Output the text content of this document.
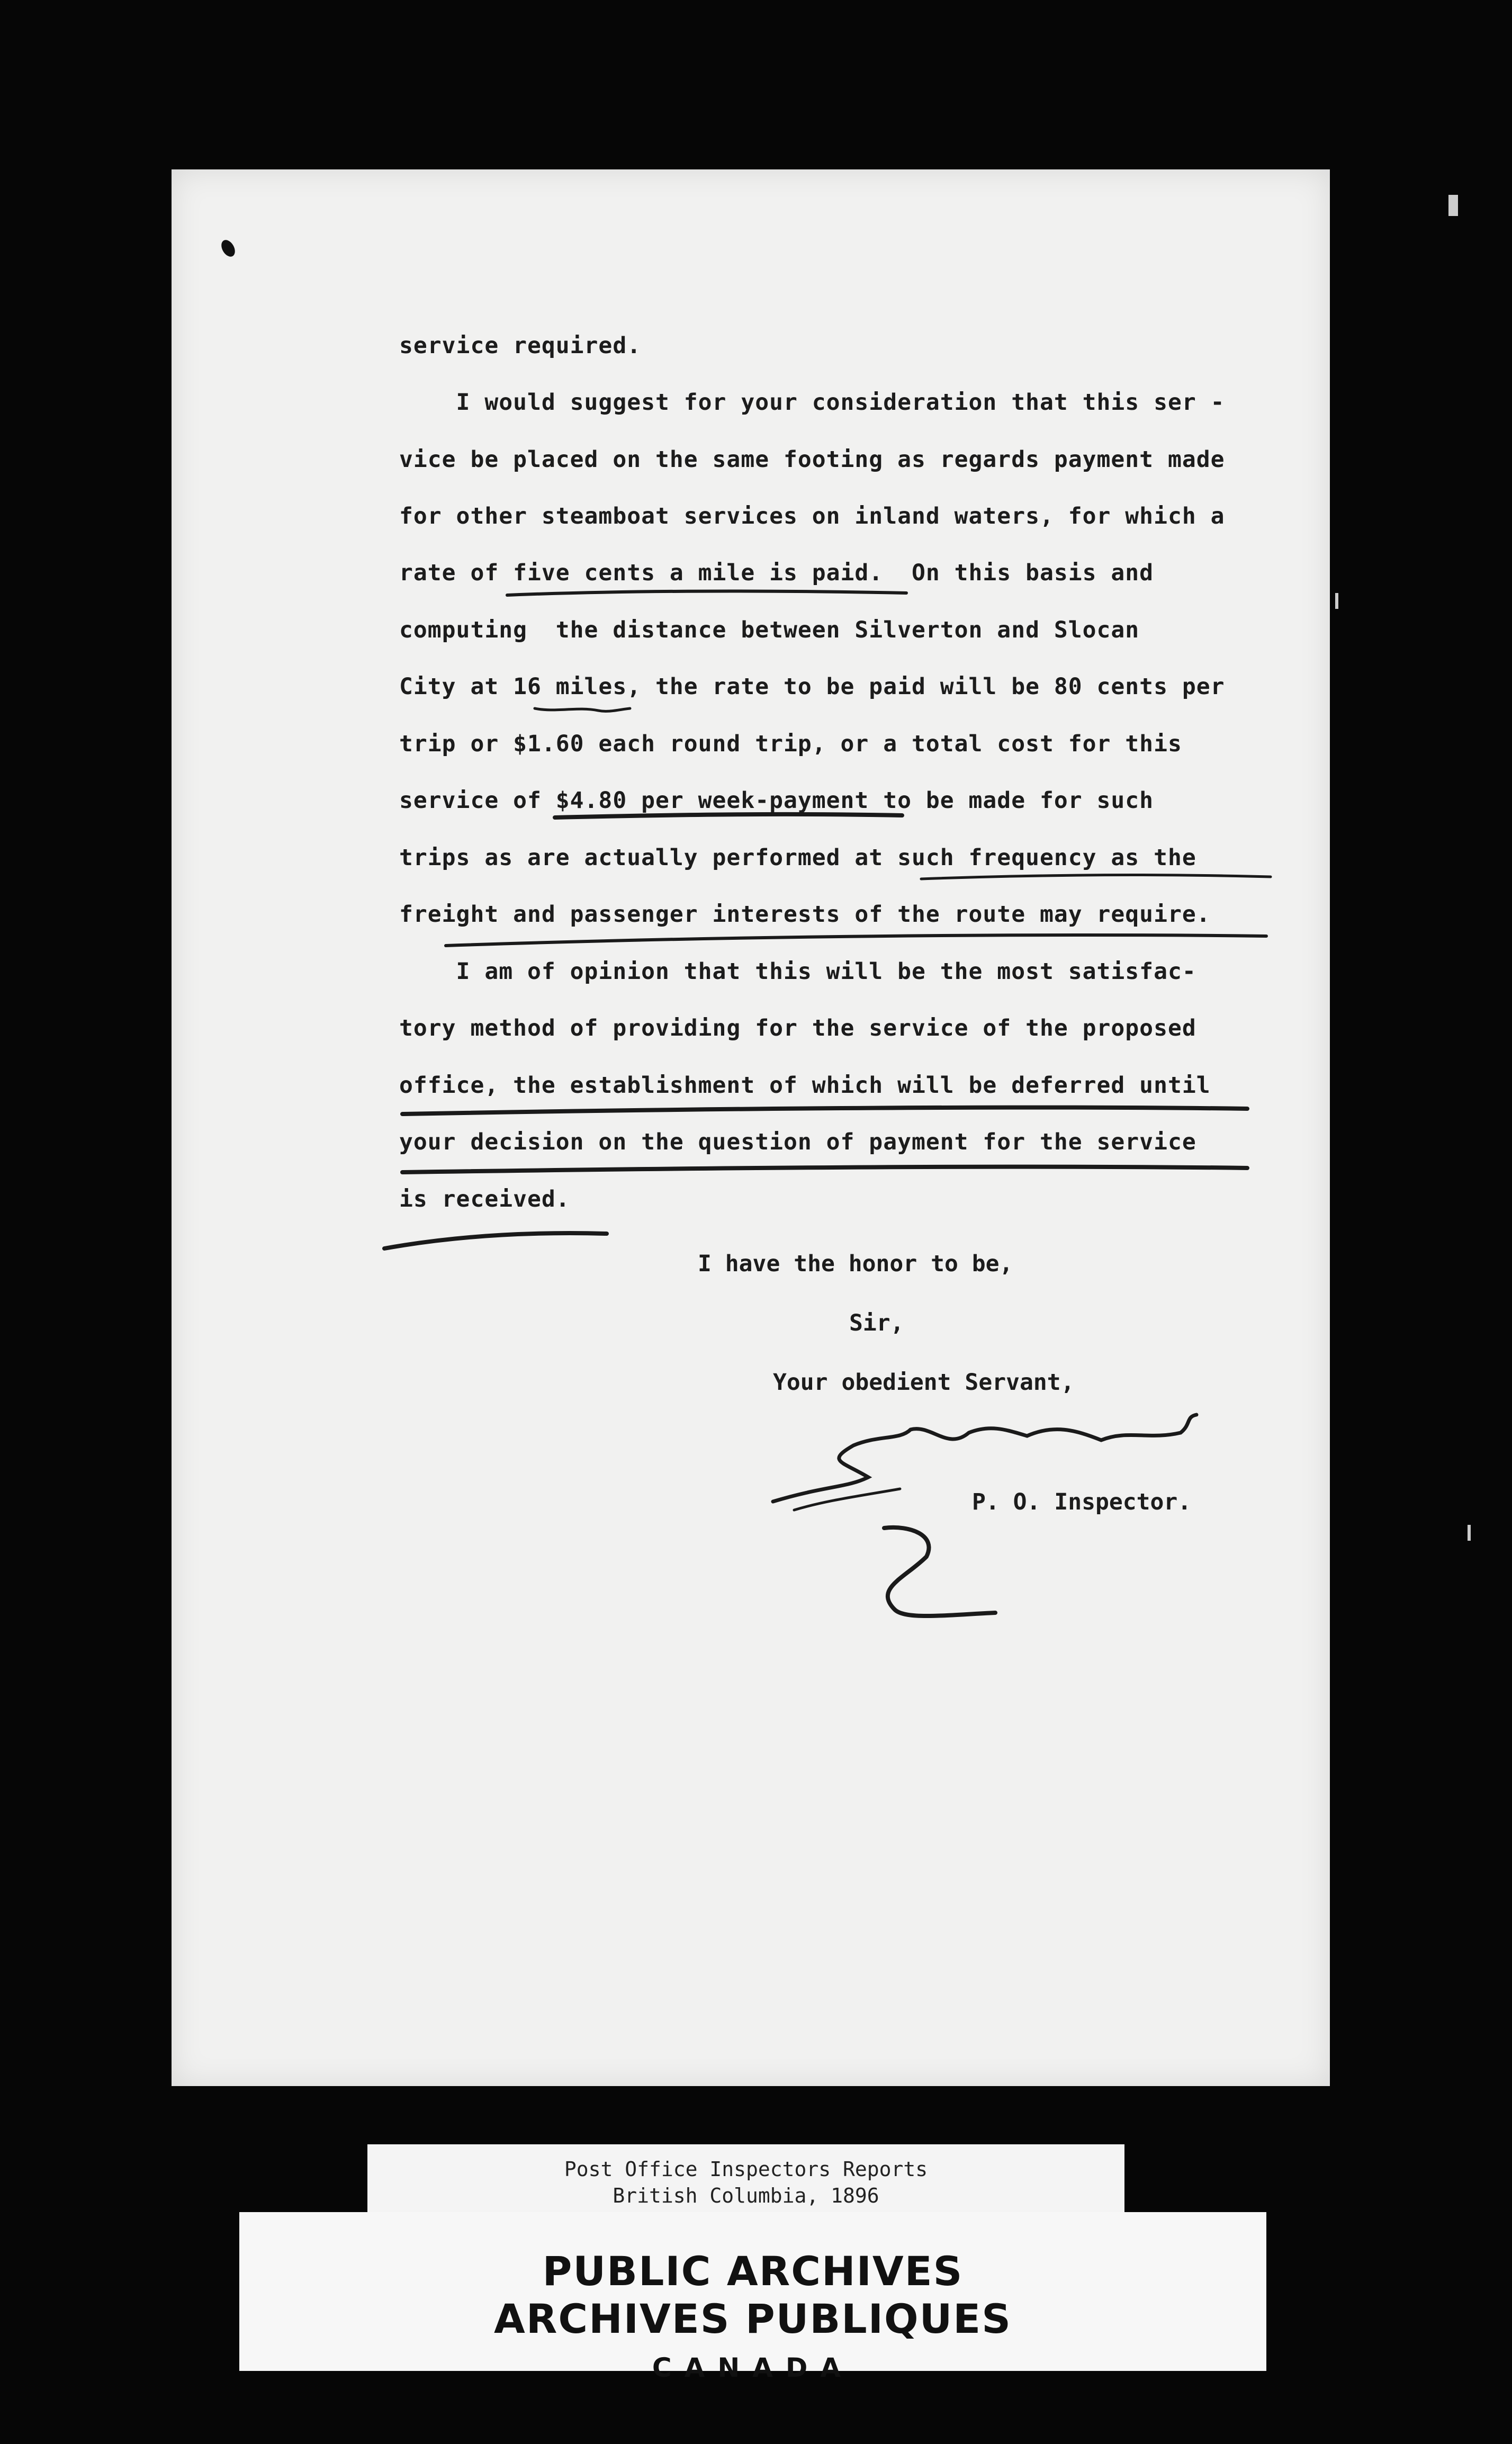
service required.

I would suggest for your consideration that this ser -

vice be placed on the same footing as regards payment made

for other steamboat services on inland waters, for which a

rate of five cents a mile is paid.  On this basis and

computing  the distance between Silverton and Slocan

City at 16 miles, the rate to be paid will be 80 cents per

trip or $1.60 each round trip, or a total cost for this

service of $4.80 per week-payment to be made for such

trips as are actually performed at such frequency as the

freight and passenger interests of the route may require.

I am of opinion that this will be the most satisfac-

tory method of providing for the service of the proposed

office, the establishment of which will be deferred until

your decision on the question of payment for the service

is received.

I have the honor to be,

Sir,

Your obedient Servant,

P. O. Inspector.

Post Office Inspectors Reports
British Columbia, 1896
PUBLIC ARCHIVES
ARCHIVES PUBLIQUES
CANADA
